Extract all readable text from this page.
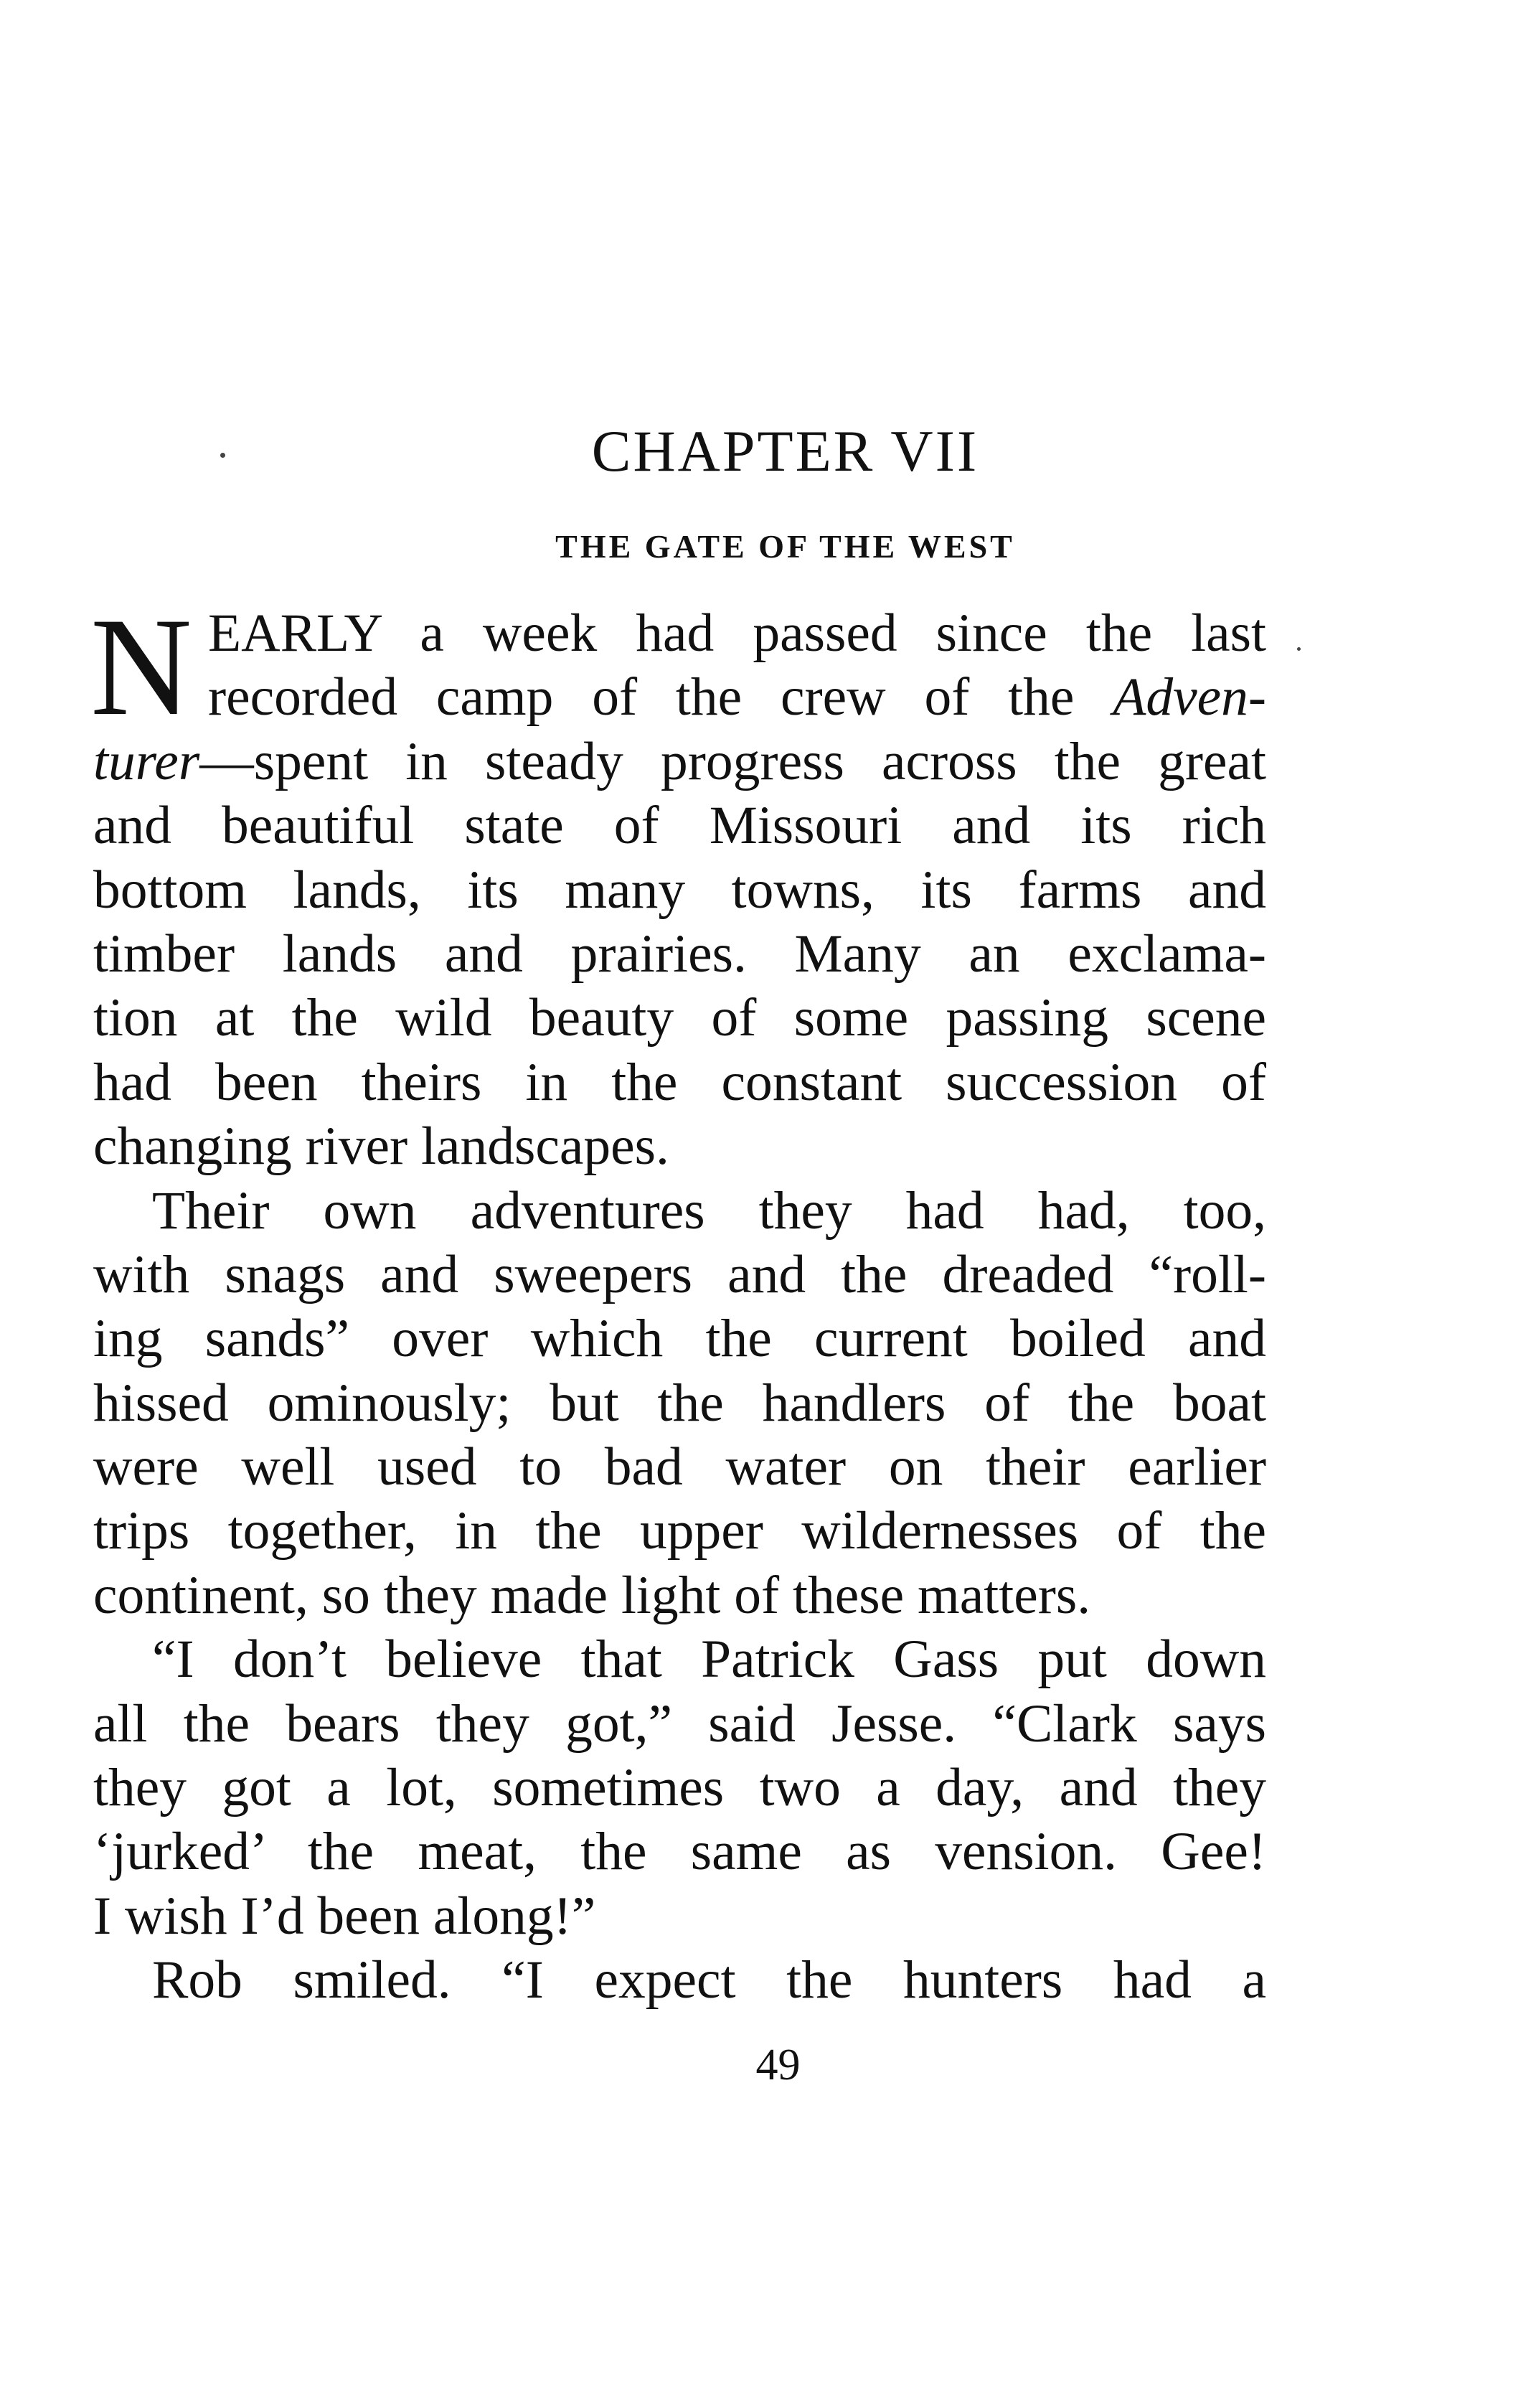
CHAPTER VII
THE GATE OF THE WEST
N EARLY a week had passed since the last
recorded camp of the crew of the Adven-
turer—spent in steady progress across the great
and beautiful state of Missouri and its rich
bottom lands, its many towns, its farms and
timber lands and prairies. Many an exclama-
tion at the wild beauty of some passing scene
had been theirs in the constant succession of
changing river landscapes.
Their own adventures they had had, too,
with snags and sweepers and the dreaded “roll-
ing sands” over which the current boiled and
hissed ominously; but the handlers of the boat
were well used to bad water on their earlier
trips together, in the upper wildernesses of the
continent, so they made light of these matters.
“I don’t believe that Patrick Gass put down
all the bears they got,” said Jesse. “Clark says
they got a lot, sometimes two a day, and they
‘jurked’ the meat, the same as vension. Gee!
I wish I’d been along!”
Rob smiled. “I expect the hunters had a
49
